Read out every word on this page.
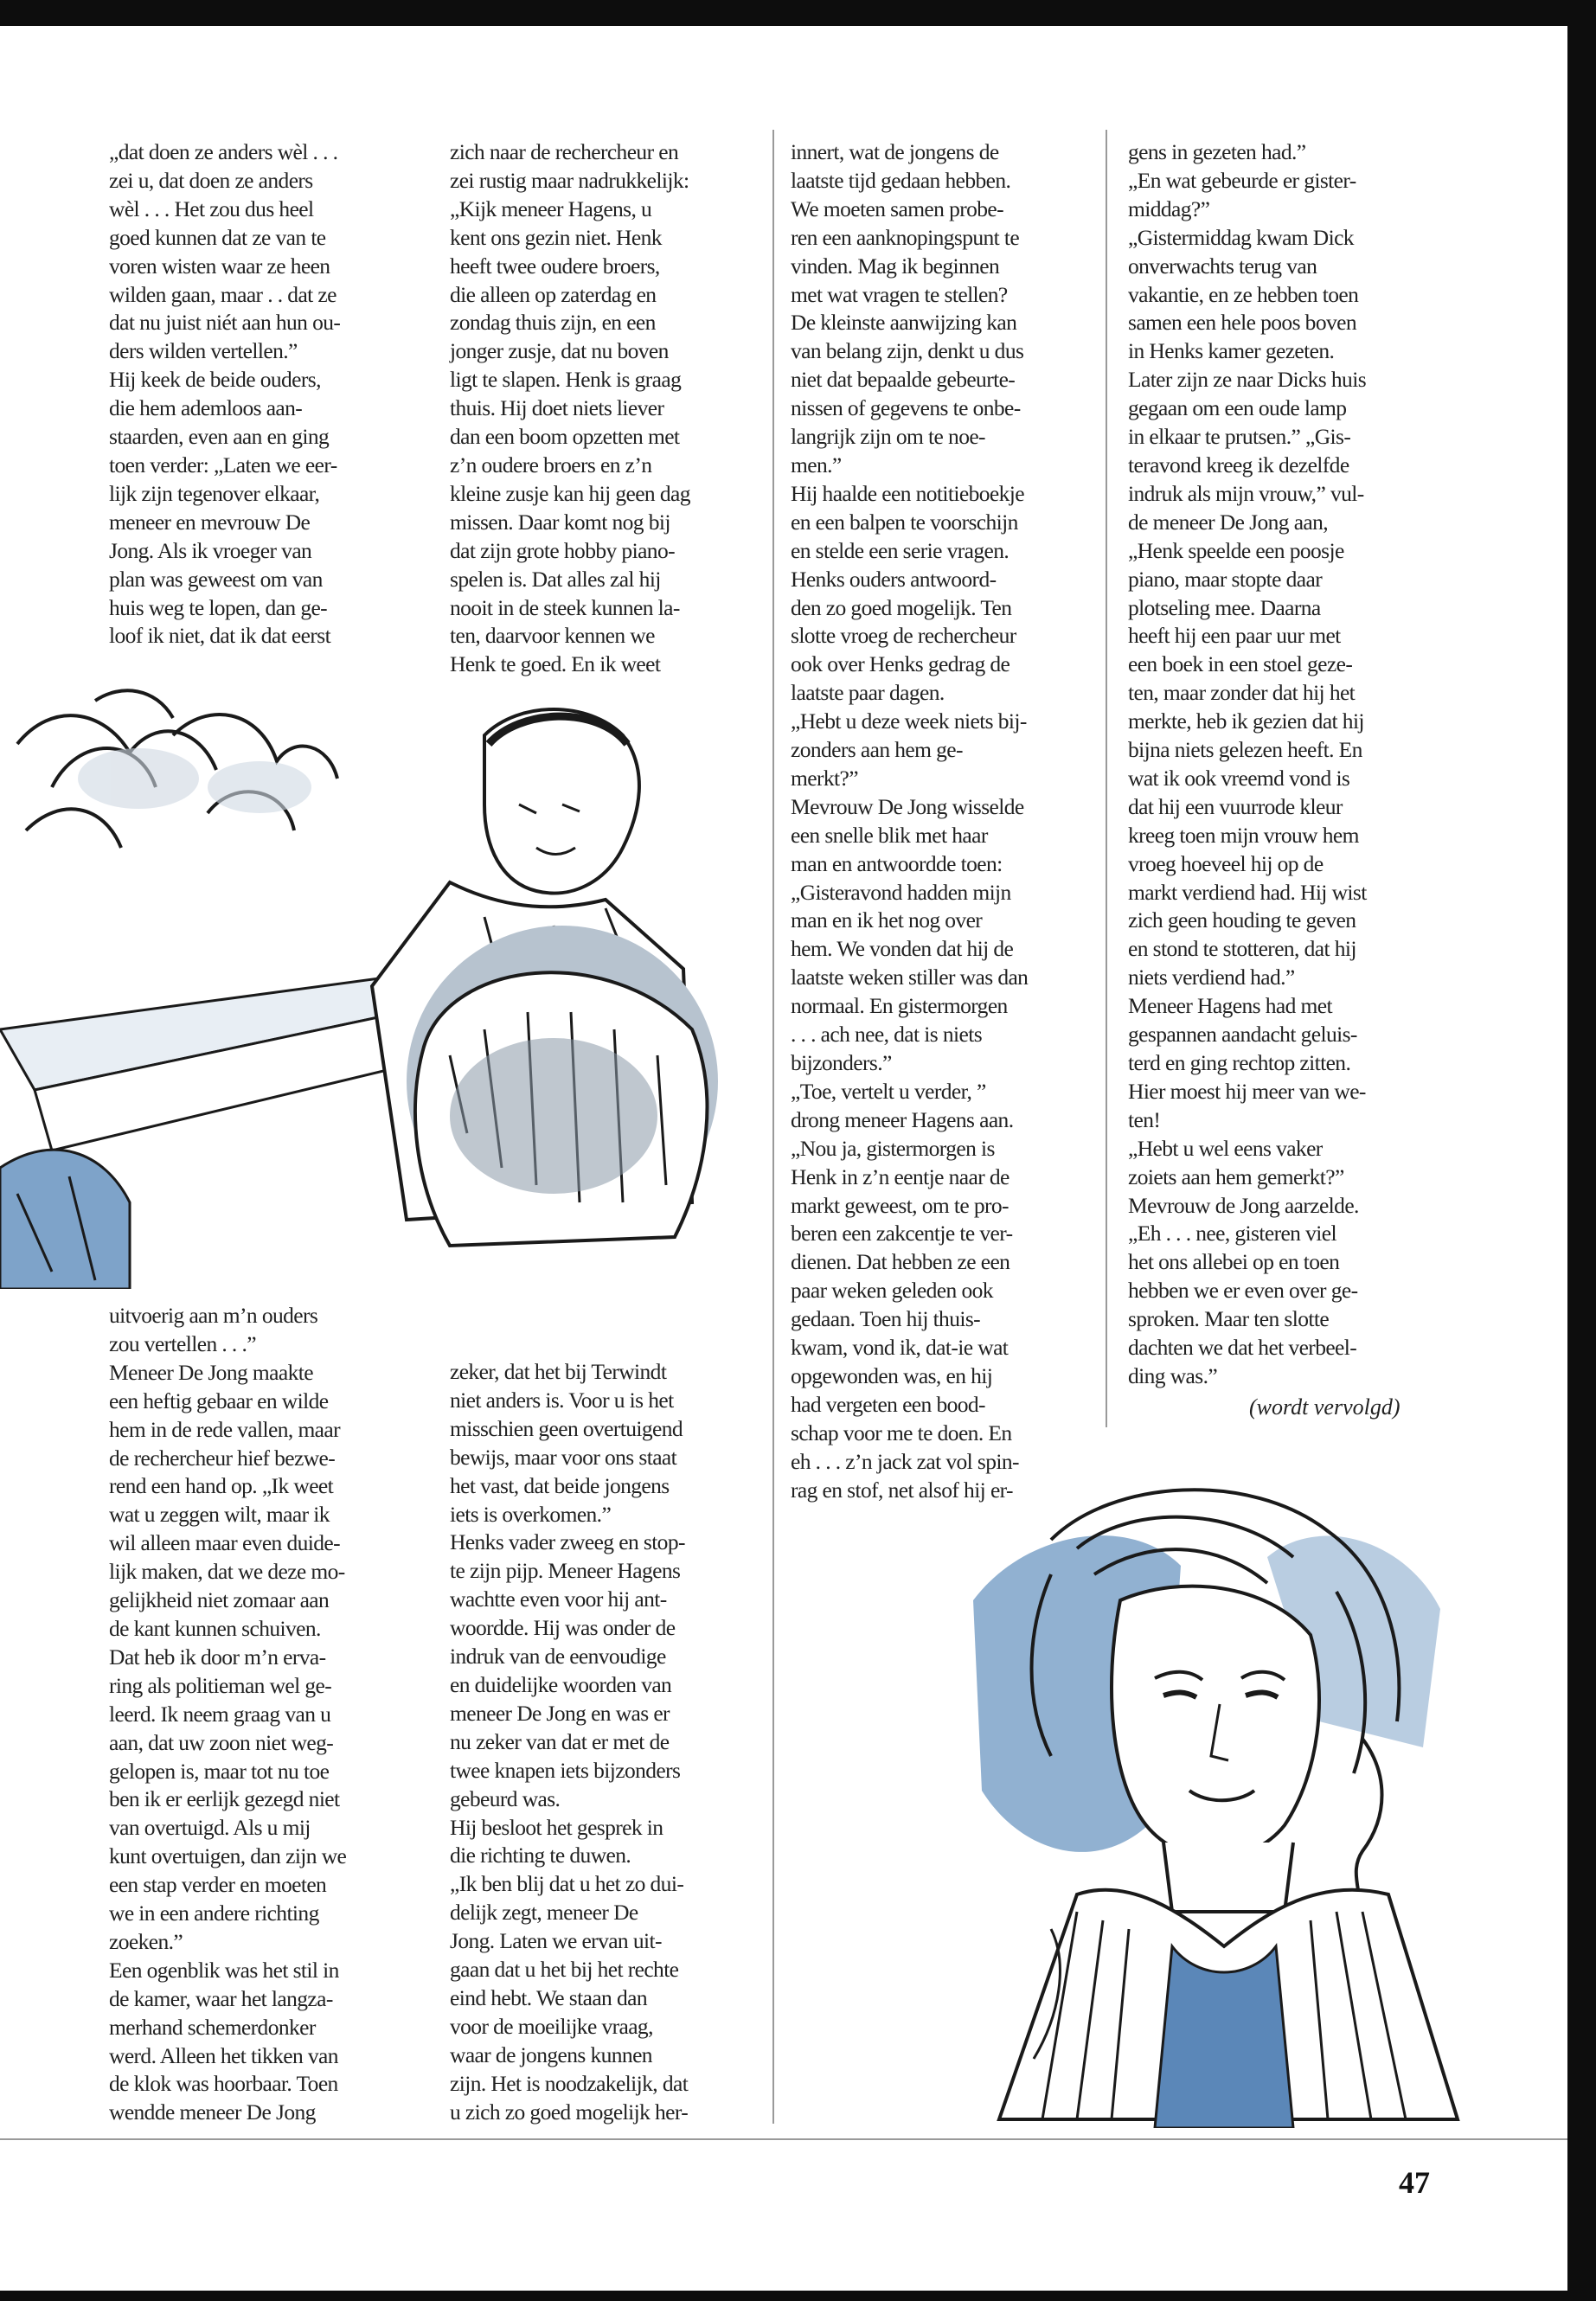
„dat doen ze anders wèl . . .
zei u, dat doen ze anders
wèl . . . Het zou dus heel
goed kunnen dat ze van te
voren wisten waar ze heen
wilden gaan, maar . . dat ze
dat nu juist niét aan hun ou-
ders wilden vertellen.”
Hij keek de beide ouders,
die hem ademloos aan-
staarden, even aan en ging
toen verder: „Laten we eer-
lijk zijn tegenover elkaar,
meneer en mevrouw De
Jong. Als ik vroeger van
plan was geweest om van
huis weg te lopen, dan ge-
loof ik niet, dat ik dat eerst

zich naar de rechercheur en
zei rustig maar nadrukkelijk:
„Kijk meneer Hagens, u
kent ons gezin niet. Henk
heeft twee oudere broers,
die alleen op zaterdag en
zondag thuis zijn, en een
jonger zusje, dat nu boven
ligt te slapen. Henk is graag
thuis. Hij doet niets liever
dan een boom opzetten met
z’n oudere broers en z’n
kleine zusje kan hij geen dag
missen. Daar komt nog bij
dat zijn grote hobby piano-
spelen is. Dat alles zal hij
nooit in de steek kunnen la-
ten, daarvoor kennen we
Henk te goed. En ik weet

innert, wat de jongens de
laatste tijd gedaan hebben.
We moeten samen probe-
ren een aanknopingspunt te
vinden. Mag ik beginnen
met wat vragen te stellen?
De kleinste aanwijzing kan
van belang zijn, denkt u dus
niet dat bepaalde gebeurte-
nissen of gegevens te onbe-
langrijk zijn om te noe-
men.”
Hij haalde een notitieboekje
en een balpen te voorschijn
en stelde een serie vragen.
Henks ouders antwoord-
den zo goed mogelijk. Ten
slotte vroeg de rechercheur
ook over Henks gedrag de
laatste paar dagen.
„Hebt u deze week niets bij-
zonders aan hem ge-
merkt?”
Mevrouw De Jong wisselde
een snelle blik met haar
man en antwoordde toen:
„Gisteravond hadden mijn
man en ik het nog over
hem. We vonden dat hij de
laatste weken stiller was dan
normaal. En gistermorgen
. . . ach nee, dat is niets
bijzonders.”
„Toe, vertelt u verder, ”
drong meneer Hagens aan.
„Nou ja, gistermorgen is
Henk in z’n eentje naar de
markt geweest, om te pro-
beren een zakcentje te ver-
dienen. Dat hebben ze een
paar weken geleden ook
gedaan. Toen hij thuis-
kwam, vond ik, dat-ie wat
opgewonden was, en hij
had vergeten een bood-
schap voor me te doen. En
eh . . . z’n jack zat vol spin-
rag en stof, net alsof hij er-

gens in gezeten had.”
„En wat gebeurde er gister-
middag?”
„Gistermiddag kwam Dick
onverwachts terug van
vakantie, en ze hebben toen
samen een hele poos boven
in Henks kamer gezeten.
Later zijn ze naar Dicks huis
gegaan om een oude lamp
in elkaar te prutsen.” „Gis-
teravond kreeg ik dezelfde
indruk als mijn vrouw,” vul-
de meneer De Jong aan,
„Henk speelde een poosje
piano, maar stopte daar
plotseling mee. Daarna
heeft hij een paar uur met
een boek in een stoel geze-
ten, maar zonder dat hij het
merkte, heb ik gezien dat hij
bijna niets gelezen heeft. En
wat ik ook vreemd vond is
dat hij een vuurrode kleur
kreeg toen mijn vrouw hem
vroeg hoeveel hij op de
markt verdiend had. Hij wist
zich geen houding te geven
en stond te stotteren, dat hij
niets verdiend had.”
Meneer Hagens had met
gespannen aandacht geluis-
terd en ging rechtop zitten.
Hier moest hij meer van we-
ten!
„Hebt u wel eens vaker
zoiets aan hem gemerkt?”
Mevrouw de Jong aarzelde.
„Eh . . . nee, gisteren viel
het ons allebei op en toen
hebben we er even over ge-
sproken. Maar ten slotte
dachten we dat het verbeel-
ding was.”

(wordt vervolgd)

uitvoerig aan m’n ouders
zou vertellen . . .”
Meneer De Jong maakte
een heftig gebaar en wilde
hem in de rede vallen, maar
de rechercheur hief bezwe-
rend een hand op. „Ik weet
wat u zeggen wilt, maar ik
wil alleen maar even duide-
lijk maken, dat we deze mo-
gelijkheid niet zomaar aan
de kant kunnen schuiven.
Dat heb ik door m’n erva-
ring als politieman wel ge-
leerd. Ik neem graag van u
aan, dat uw zoon niet weg-
gelopen is, maar tot nu toe
ben ik er eerlijk gezegd niet
van overtuigd. Als u mij
kunt overtuigen, dan zijn we
een stap verder en moeten
we in een andere richting
zoeken.”
Een ogenblik was het stil in
de kamer, waar het langza-
merhand schemerdonker
werd. Alleen het tikken van
de klok was hoorbaar. Toen
wendde meneer De Jong

zeker, dat het bij Terwindt
niet anders is. Voor u is het
misschien geen overtuigend
bewijs, maar voor ons staat
het vast, dat beide jongens
iets is overkomen.”
Henks vader zweeg en stop-
te zijn pijp. Meneer Hagens
wachtte even voor hij ant-
woordde. Hij was onder de
indruk van de eenvoudige
en duidelijke woorden van
meneer De Jong en was er
nu zeker van dat er met de
twee knapen iets bijzonders
gebeurd was.
Hij besloot het gesprek in
die richting te duwen.
„Ik ben blij dat u het zo dui-
delijk zegt, meneer De
Jong. Laten we ervan uit-
gaan dat u het bij het rechte
eind hebt. We staan dan
voor de moeilijke vraag,
waar de jongens kunnen
zijn. Het is noodzakelijk, dat
u zich zo goed mogelijk her-

47
